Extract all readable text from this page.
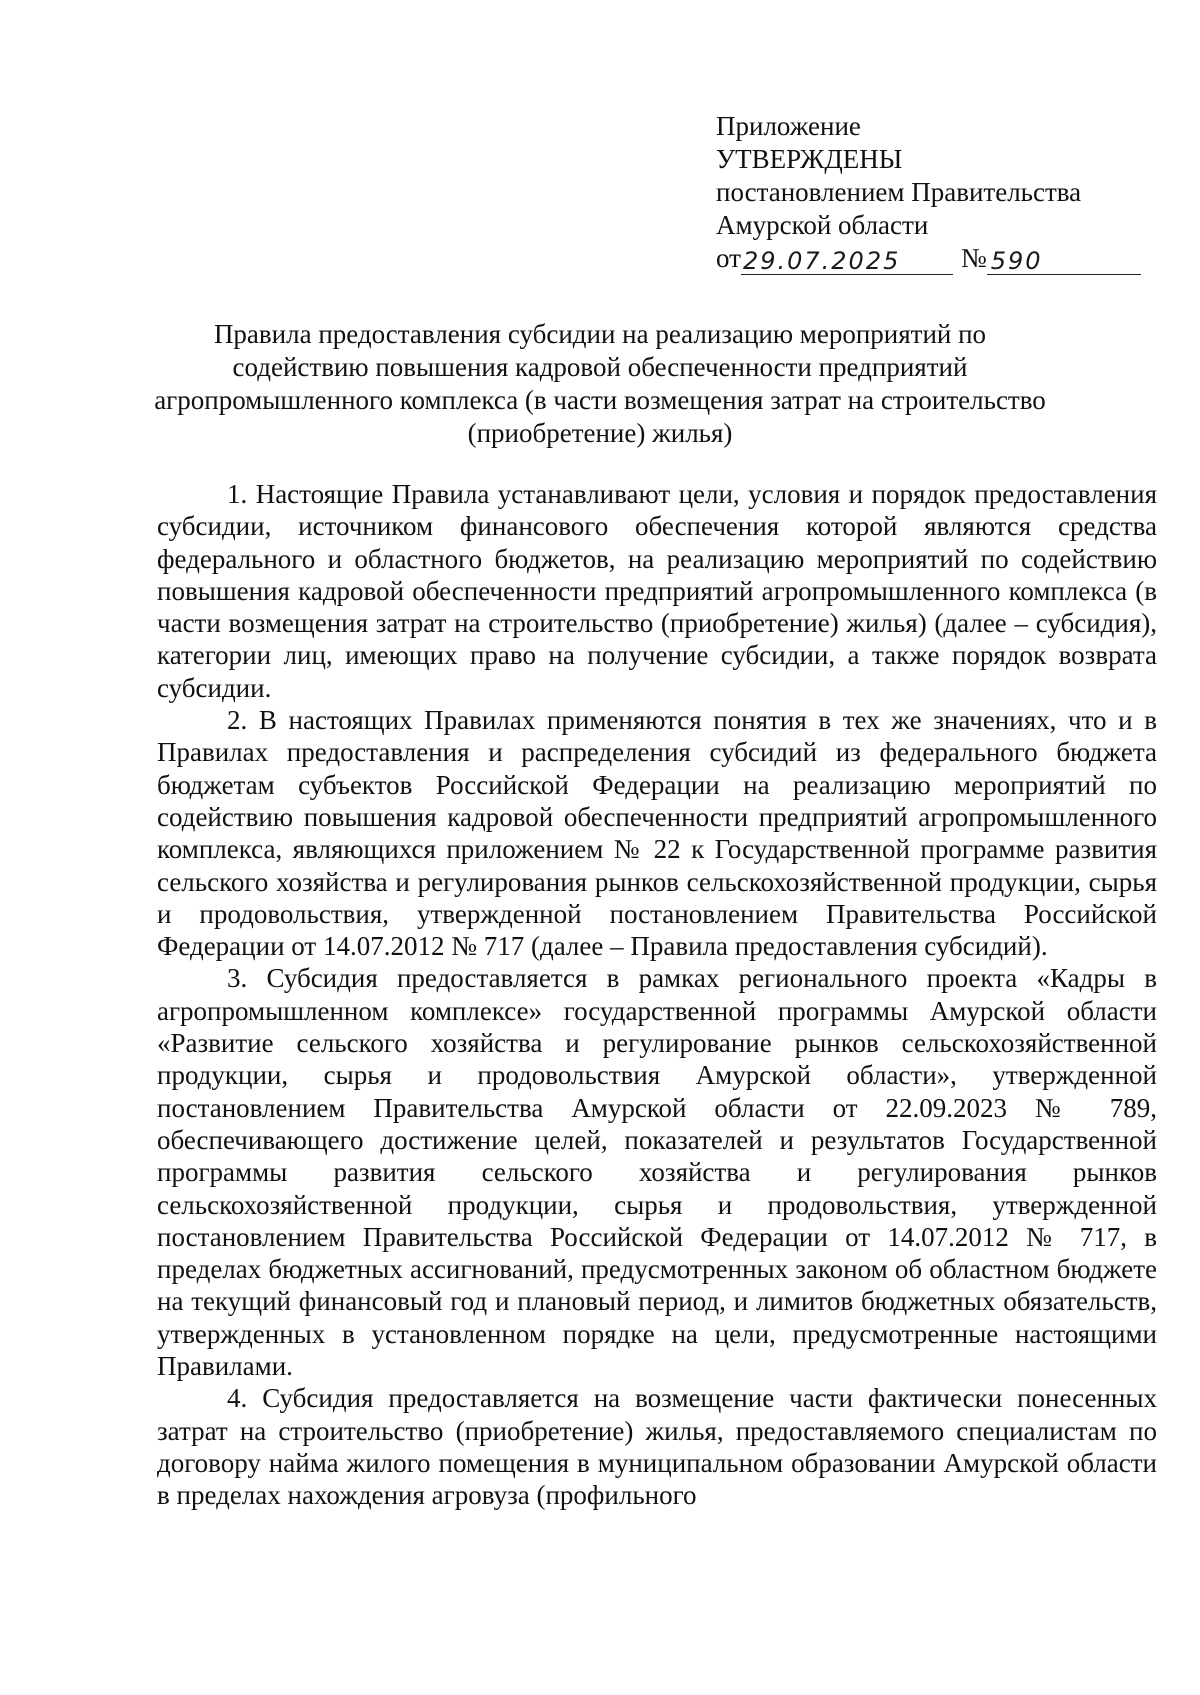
Приложение
УТВЕРЖДЕНЫ
постановлением Правительства
Амурской области
от 29.07.2025	№ 590
Правила предоставления субсидии на реализацию мероприятий по содействию повышения кадровой обеспеченности предприятий агропромышленного комплекса (в части возмещения затрат на строительство (приобретение) жилья)

1. Настоящие Правила устанавливают цели, условия и порядок предоставления субсидии, источником финансового обеспечения которой являются средства федерального и областного бюджетов, на реализацию мероприятий по содействию повышения кадровой обеспеченности предприятий агропромышленного комплекса (в части возмещения затрат на строительство (приобретение) жилья) (далее – субсидия), категории лиц, имеющих право на получение субсидии, а также порядок возврата субсидии.

2. В настоящих Правилах применяются понятия в тех же значениях, что и в Правилах предоставления и распределения субсидий из федерального бюджета бюджетам субъектов Российской Федерации на реализацию мероприятий по содействию повышения кадровой обеспеченности предприятий агропромышленного комплекса, являющихся приложением № 22 к Государственной программе развития сельского хозяйства и регулирования рынков сельскохозяйственной продукции, сырья и продовольствия, утвержденной постановлением Правительства Российской Федерации от 14.07.2012 № 717 (далее – Правила предоставления субсидий).

3. Субсидия предоставляется в рамках регионального проекта «Кадры в агропромышленном комплексе» государственной программы Амурской области «Развитие сельского хозяйства и регулирование рынков сельскохозяйственной продукции, сырья и продовольствия Амурской области», утвержденной постановлением Правительства Амурской области от 22.09.2023 № 789, обеспечивающего достижение целей, показателей и результатов Государственной программы развития сельского хозяйства и регулирования рынков сельскохозяйственной продукции, сырья и продовольствия, утвержденной постановлением Правительства Российской Федерации от 14.07.2012 № 717, в пределах бюджетных ассигнований, предусмотренных законом об областном бюджете на текущий финансовый год и плановый период, и лимитов бюджетных обязательств, утвержденных в установленном порядке на цели, предусмотренные настоящими Правилами.

4. Субсидия предоставляется на возмещение части фактически понесенных затрат на строительство (приобретение) жилья, предоставляемого специалистам по договору найма жилого помещения в муниципальном образовании Амурской области в пределах нахождения агровуза (профильного
